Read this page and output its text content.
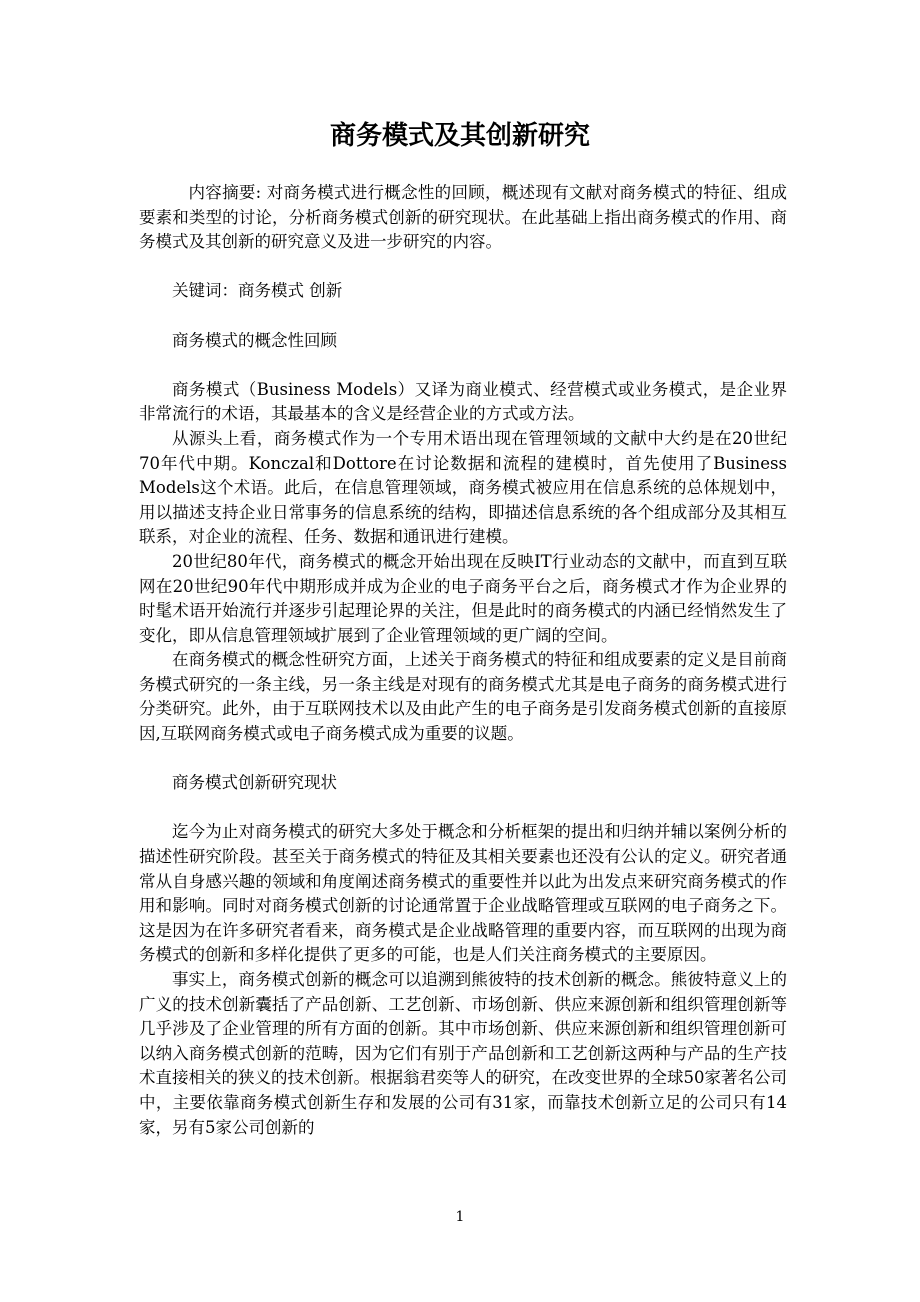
商务模式及其创新研究

内容摘要: 对商务模式进行概念性的回顾，概述现有文献对商务模式的特征、组成要素和类型的讨论，分析商务模式创新的研究现状。在此基础上指出商务模式的作用、商务模式及其创新的研究意义及进一步研究的内容。

关键词：商务模式 创新

商务模式的概念性回顾

商务模式（Business Models）又译为商业模式、经营模式或业务模式，是企业界非常流行的术语，其最基本的含义是经营企业的方式或方法。

从源头上看，商务模式作为一个专用术语出现在管理领域的文献中大约是在20世纪70年代中期。Konczal和Dottore在讨论数据和流程的建模时，首先使用了Business Models这个术语。此后，在信息管理领域，商务模式被应用在信息系统的总体规划中，用以描述支持企业日常事务的信息系统的结构，即描述信息系统的各个组成部分及其相互联系，对企业的流程、任务、数据和通讯进行建模。

20世纪80年代，商务模式的概念开始出现在反映IT行业动态的文献中，而直到互联网在20世纪90年代中期形成并成为企业的电子商务平台之后，商务模式才作为企业界的时髦术语开始流行并逐步引起理论界的关注，但是此时的商务模式的内涵已经悄然发生了变化，即从信息管理领域扩展到了企业管理领域的更广阔的空间。

在商务模式的概念性研究方面，上述关于商务模式的特征和组成要素的定义是目前商务模式研究的一条主线，另一条主线是对现有的商务模式尤其是电子商务的商务模式进行分类研究。此外，由于互联网技术以及由此产生的电子商务是引发商务模式创新的直接原因,互联网商务模式或电子商务模式成为重要的议题。

商务模式创新研究现状

迄今为止对商务模式的研究大多处于概念和分析框架的提出和归纳并辅以案例分析的描述性研究阶段。甚至关于商务模式的特征及其相关要素也还没有公认的定义。研究者通常从自身感兴趣的领域和角度阐述商务模式的重要性并以此为出发点来研究商务模式的作用和影响。同时对商务模式创新的讨论通常置于企业战略管理或互联网的电子商务之下。这是因为在许多研究者看来，商务模式是企业战略管理的重要内容，而互联网的出现为商务模式的创新和多样化提供了更多的可能，也是人们关注商务模式的主要原因。

事实上，商务模式创新的概念可以追溯到熊彼特的技术创新的概念。熊彼特意义上的广义的技术创新囊括了产品创新、工艺创新、市场创新、供应来源创新和组织管理创新等几乎涉及了企业管理的所有方面的创新。其中市场创新、供应来源创新和组织管理创新可以纳入商务模式创新的范畴，因为它们有别于产品创新和工艺创新这两种与产品的生产技术直接相关的狭义的技术创新。根据翁君奕等人的研究，在改变世界的全球50家著名公司中，主要依靠商务模式创新生存和发展的公司有31家，而靠技术创新立足的公司只有14家，另有5家公司创新的

1
